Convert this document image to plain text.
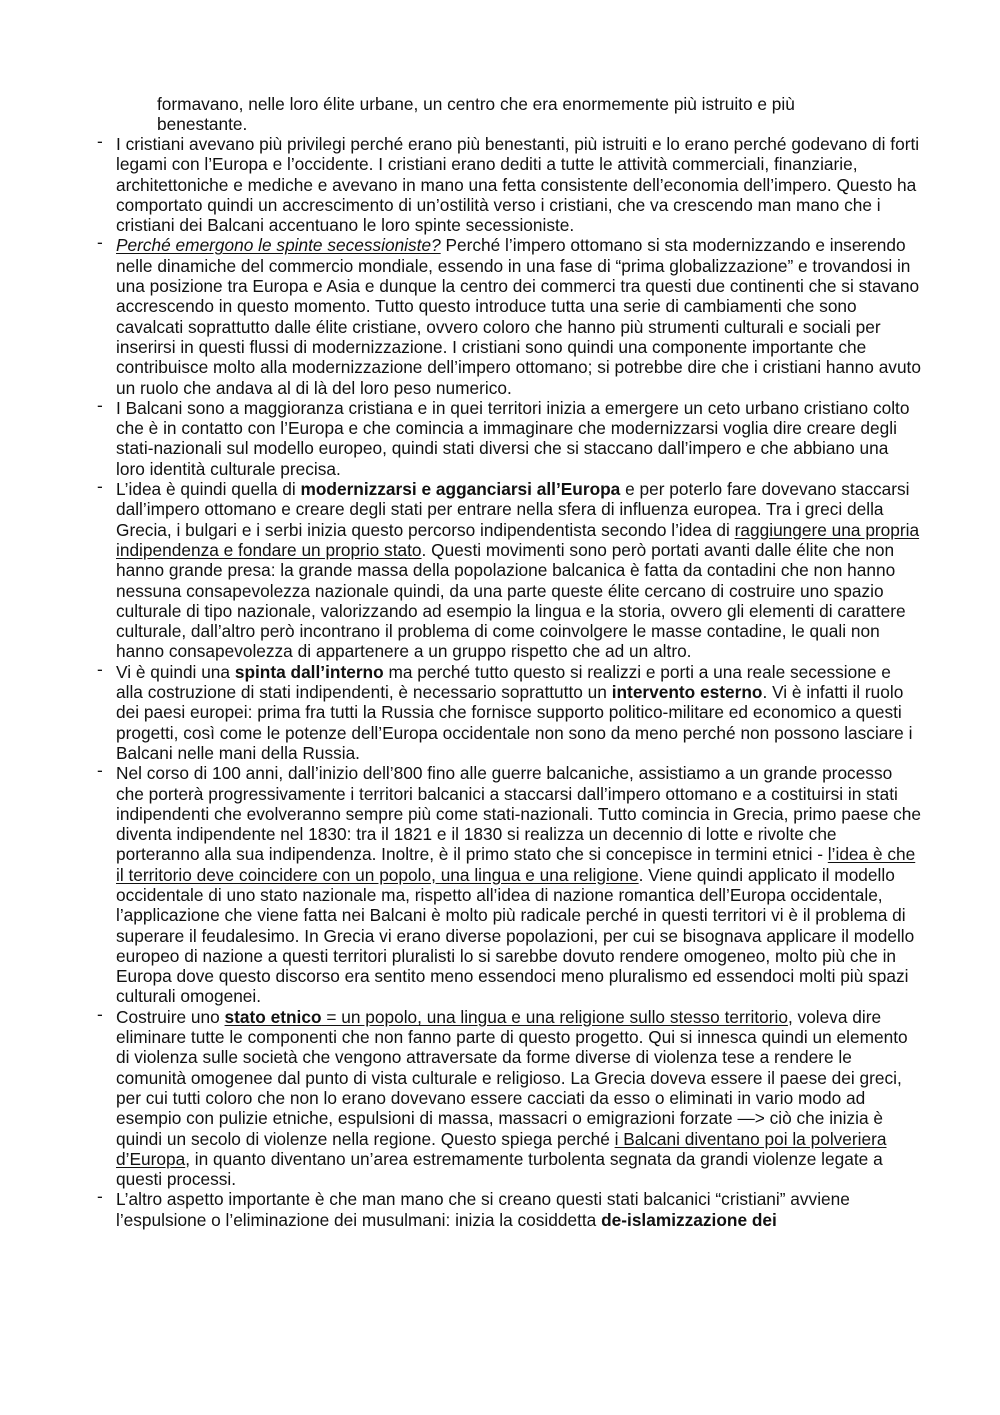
formavano, nelle loro élite urbane, un centro che era enormemente più istruito e più benestante.
- I cristiani avevano più privilegi perché erano più benestanti, più istruiti e lo erano perché godevano di forti legami con l’Europa e l’occidente. I cristiani erano dediti a tutte le attività commerciali, finanziarie, architettoniche e mediche e avevano in mano una fetta consistente dell’economia dell’impero. Questo ha comportato quindi un accrescimento di un’ostilità verso i cristiani, che va crescendo man mano che i cristiani dei Balcani accentuano le loro spinte secessioniste.
- Perché emergono le spinte secessioniste? Perché l’impero ottomano si sta modernizzando e inserendo nelle dinamiche del commercio mondiale, essendo in una fase di “prima globalizzazione” e trovandosi in una posizione tra Europa e Asia e dunque la centro dei commerci tra questi due continenti che si stavano accrescendo in questo momento. Tutto questo introduce tutta una serie di cambiamenti che sono cavalcati soprattutto dalle élite cristiane, ovvero coloro che hanno più strumenti culturali e sociali per inserirsi in questi flussi di modernizzazione. I cristiani sono quindi una componente importante che contribuisce molto alla modernizzazione dell’impero ottomano; si potrebbe dire che i cristiani hanno avuto un ruolo che andava al di là del loro peso numerico.
- I Balcani sono a maggioranza cristiana e in quei territori inizia a emergere un ceto urbano cristiano colto che è in contatto con l’Europa e che comincia a immaginare che modernizzarsi voglia dire creare degli stati-nazionali sul modello europeo, quindi stati diversi che si staccano dall’impero e che abbiano una loro identità culturale precisa.
- L’idea è quindi quella di modernizzarsi e agganciarsi all’Europa e per poterlo fare dovevano staccarsi dall’impero ottomano e creare degli stati per entrare nella sfera di influenza europea. Tra i greci della Grecia, i bulgari e i serbi inizia questo percorso indipendentista secondo l’idea di raggiungere una propria indipendenza e fondare un proprio stato. Questi movimenti sono però portati avanti dalle élite che non hanno grande presa: la grande massa della popolazione balcanica è fatta da contadini che non hanno nessuna consapevolezza nazionale quindi, da una parte queste élite cercano di costruire uno spazio culturale di tipo nazionale, valorizzando ad esempio la lingua e la storia, ovvero gli elementi di carattere culturale, dall’altro però incontrano il problema di come coinvolgere le masse contadine, le quali non hanno consapevolezza di appartenere a un gruppo rispetto che ad un altro.
- Vi è quindi una spinta dall’interno ma perché tutto questo si realizzi e porti a una reale secessione e alla costruzione di stati indipendenti, è necessario soprattutto un intervento esterno. Vi è infatti il ruolo dei paesi europei: prima fra tutti la Russia che fornisce supporto politico-militare ed economico a questi progetti, così come le potenze dell’Europa occidentale non sono da meno perché non possono lasciare i Balcani nelle mani della Russia.
- Nel corso di 100 anni, dall’inizio dell’800 fino alle guerre balcaniche, assistiamo a un grande processo che porterà progressivamente i territori balcanici a staccarsi dall’impero ottomano e a costituirsi in stati indipendenti che evolveranno sempre più come stati-nazionali. Tutto comincia in Grecia, primo paese che diventa indipendente nel 1830: tra il 1821 e il 1830 si realizza un decennio di lotte e rivolte che porteranno alla sua indipendenza. Inoltre, è il primo stato che si concepisce in termini etnici - l’idea è che il territorio deve coincidere con un popolo, una lingua e una religione. Viene quindi applicato il modello occidentale di uno stato nazionale ma, rispetto all’idea di nazione romantica dell’Europa occidentale, l’applicazione che viene fatta nei Balcani è molto più radicale perché in questi territori vi è il problema di superare il feudalesimo. In Grecia vi erano diverse popolazioni, per cui se bisognava applicare il modello europeo di nazione a questi territori pluralisti lo si sarebbe dovuto rendere omogeneo, molto più che in Europa dove questo discorso era sentito meno essendoci meno pluralismo ed essendoci molti più spazi culturali omogenei.
- Costruire uno stato etnico = un popolo, una lingua e una religione sullo stesso territorio, voleva dire eliminare tutte le componenti che non fanno parte di questo progetto. Qui si innesca quindi un elemento di violenza sulle società che vengono attraversate da forme diverse di violenza tese a rendere le comunità omogenee dal punto di vista culturale e religioso. La Grecia doveva essere il paese dei greci, per cui tutti coloro che non lo erano dovevano essere cacciati da esso o eliminati in vario modo ad esempio con pulizie etniche, espulsioni di massa, massacri o emigrazioni forzate —> ciò che inizia è quindi un secolo di violenze nella regione. Questo spiega perché i Balcani diventano poi la polveriera d’Europa, in quanto diventano un’area estremamente turbolenta segnata da grandi violenze legate a questi processi.
- L’altro aspetto importante è che man mano che si creano questi stati balcanici “cristiani” avviene l’espulsione o l’eliminazione dei musulmani: inizia la cosiddetta de-islamizzazione dei
